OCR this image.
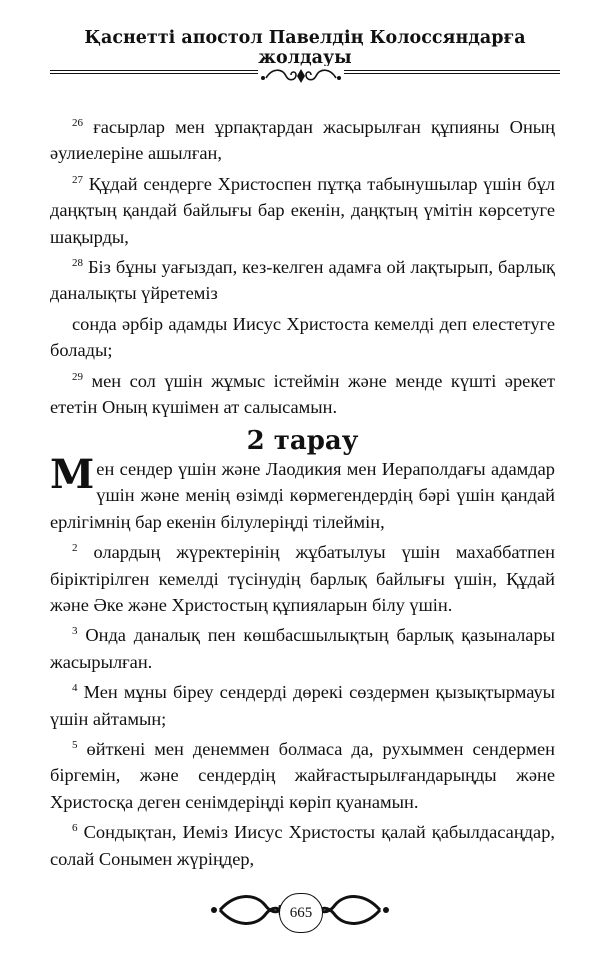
Қаснетті апостол Павелдің Колоссяндарға жолдауы

$^{26}$ ғасырлар мен ұрпақтардан жасырылған құпияны Оның әулиелеріне ашылған,

$^{27}$ Құдай сендерге Христоспен пұтқа табынушылар үшін бұл даңқтың қандай байлығы бар екенін, даңқтың үмітін көрсетуге шақырды,

$^{28}$ Біз бұны уағыздап, кез-келген адамға ой лақтырып, барлық даналықты үйретеміз

сонда әрбір адамды Иисус Христоста кемелді деп елестетуге болады;

$^{29}$ мен сол үшін жұмыс істеймін және менде күшті әрекет ететін Оның күшімен ат салысамын.

2 тарау

Мен сендер үшін және Лаодикия мен Иераполдағы адамдар үшін және менің өзімді көрмегендердің бәрі үшін қандай ерлігімнің бар екенін білулеріңді тілеймін,

$^2$ олардың жүректерінің жұбатылуы үшін махаббатпен біріктірілген кемелді түсінудің барлық байлығы үшін, Құдай және Әке және Христостың құпияларын білу үшін.

$^3$ Онда даналық пен көшбасшылықтың барлық қазыналары жасырылған.

$^4$ Мен мұны біреу сендерді дөрекі сөздермен қызықтырмауы үшін айтамын;

$^5$ өйткені мен денеммен болмаса да, рухыммен сендермен біргемін, және сендердің жайғастырылғандарыңды және Христосқа деген сенімдеріңді көріп қуанамын.

$^6$ Сондықтан, Иеміз Иисус Христосты қалай қабылдасаңдар, солай Сонымен жүріңдер,

665
